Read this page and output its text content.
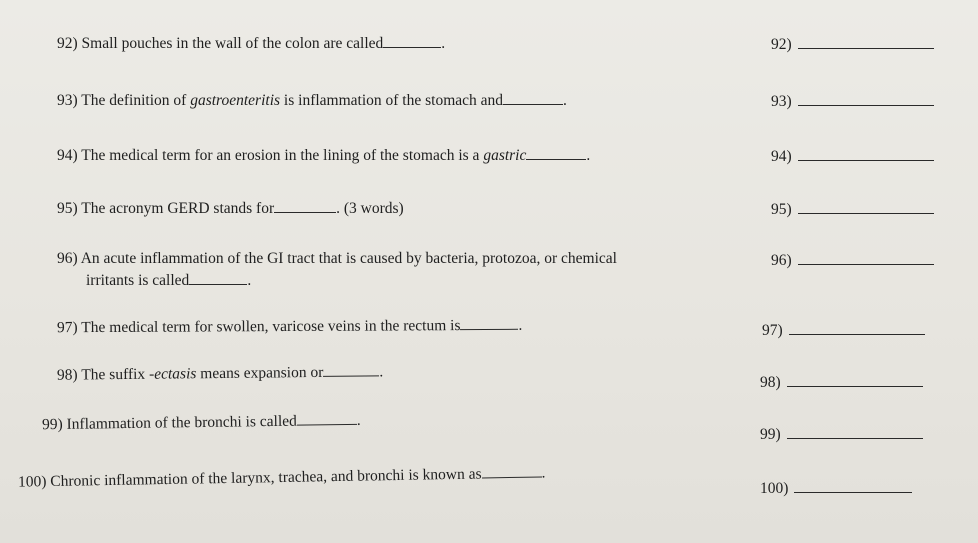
92) Small pouches in the wall of the colon are called	.	92)
93) The definition of gastroenteritis is inflammation of the stomach and	.	93)
94) The medical term for an erosion in the lining of the stomach is a gastric	.	94)
95) The acronym GERD stands for	. (3 words)	95)
96) An acute inflammation of the GI tract that is caused by bacteria, protozoa, or chemical
irritants is called	.
96)
97) The medical term for swollen, varicose veins in the rectum is	.	97)
98) The suffix -ectasis means expansion or	.
98)
99) Inflammation of the bronchi is called	.
99)
100) Chronic inflammation of the larynx, trachea, and bronchi is known as	.
100)
